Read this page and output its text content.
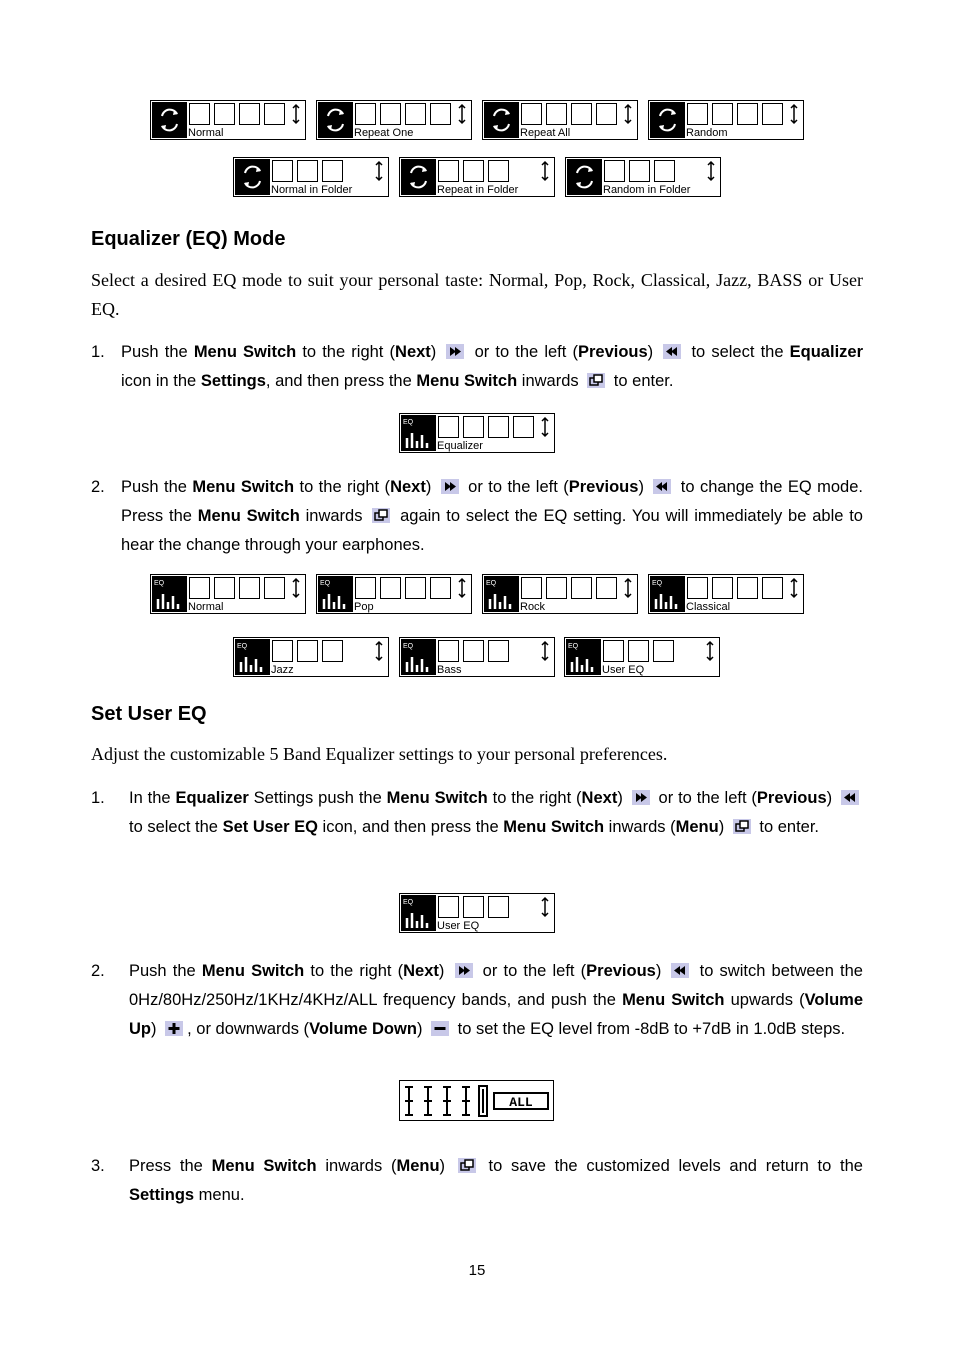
Normal	Repeat One	Repeat All	Random
Normal in Folder	Repeat in Folder	Random in Folder
Equalizer (EQ) Mode

Select a desired EQ mode to suit your personal taste: Normal, Pop, Rock, Classical, Jazz, BASS or User EQ.

1. Push the Menu Switch to the right (Next)  or to the left (Previous)  to select the Equalizer icon in the Settings, and then press the Menu Switch inwards  to enter.
EQ
Equalizer
2. Push the Menu Switch to the right (Next)  or to the left (Previous)  to change the EQ mode. Press the Menu Switch inwards  again to select the EQ setting. You will immediately be able to hear the change through your earphones.
EQ
Normal
EQ
Pop
EQ
Rock
EQ
Classical
EQ
Jazz
EQ
Bass
EQ
User EQ
Set User EQ

Adjust the customizable 5 Band Equalizer settings to your personal preferences.

1. In the Equalizer Settings push the Menu Switch to the right (Next)  or to the left (Previous)  to select the Set User EQ icon, and then press the Menu Switch inwards (Menu)  to enter.
EQ
User EQ
2. Push the Menu Switch to the right (Next)  or to the left (Previous)  to switch between the 0Hz/80Hz/250Hz/1KHz/4KHz/ALL frequency bands, and push the Menu Switch upwards (Volume Up) , or downwards (Volume Down)  to set the EQ level from -8dB to +7dB in 1.0dB steps.
ALL
3. Press the Menu Switch inwards (Menu)  to save the customized levels and return to the Settings menu.
15
